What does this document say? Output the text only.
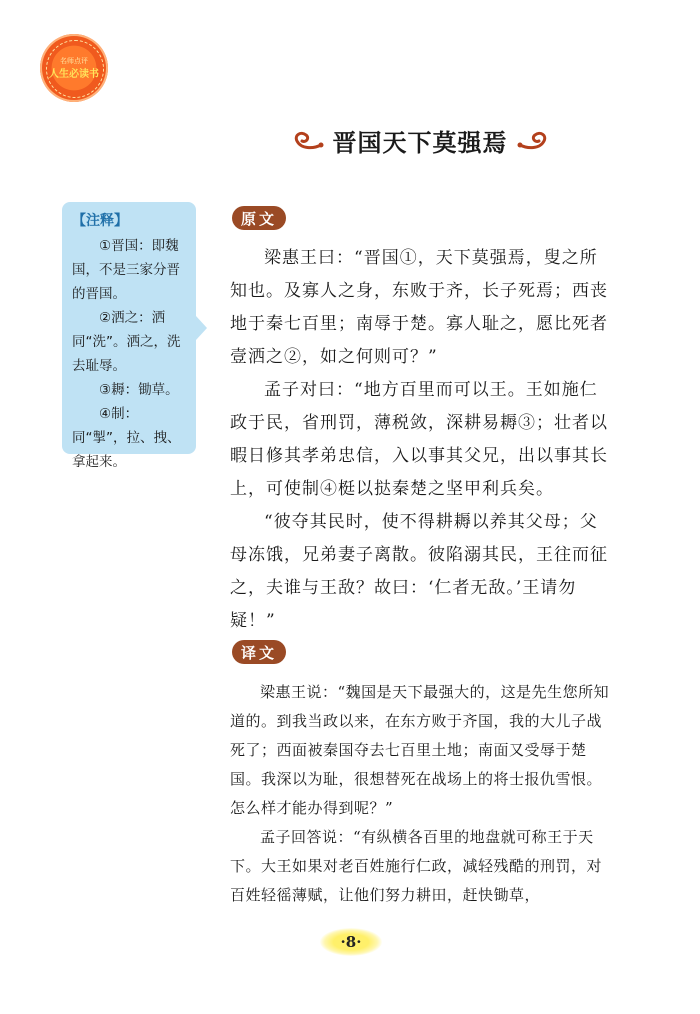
名师点评
人生必读书
晋国天下莫强焉
【注释】

①晋国：即魏国，不是三家分晋的晋国。

②洒之：洒同“洗”。洒之，洗去耻辱。

③耨：锄草。

④制：同“掣”，拉、拽、拿起来。

原文

梁惠王曰：“晋国①，天下莫强焉，叟之所知也。及寡人之身，东败于齐，长子死焉；西丧地于秦七百里；南辱于楚。寡人耻之，愿比死者壹洒之②，如之何则可？”

孟子对曰：“地方百里而可以王。王如施仁政于民，省刑罚，薄税敛，深耕易耨③；壮者以暇日修其孝弟忠信，入以事其父兄，出以事其长上，可使制④梃以挞秦楚之坚甲利兵矣。

“彼夺其民时，使不得耕耨以养其父母；父母冻饿，兄弟妻子离散。彼陷溺其民，王往而征之，夫谁与王敌？故曰：‘仁者无敌。’王请勿疑！”

译文

梁惠王说：“魏国是天下最强大的，这是先生您所知道的。到我当政以来，在东方败于齐国，我的大儿子战死了；西面被秦国夺去七百里土地；南面又受辱于楚国。我深以为耻，很想替死在战场上的将士报仇雪恨。怎么样才能办得到呢？”

孟子回答说：“有纵横各百里的地盘就可称王于天下。大王如果对老百姓施行仁政，减轻残酷的刑罚，对百姓轻徭薄赋，让他们努力耕田，赶快锄草，

·8·
